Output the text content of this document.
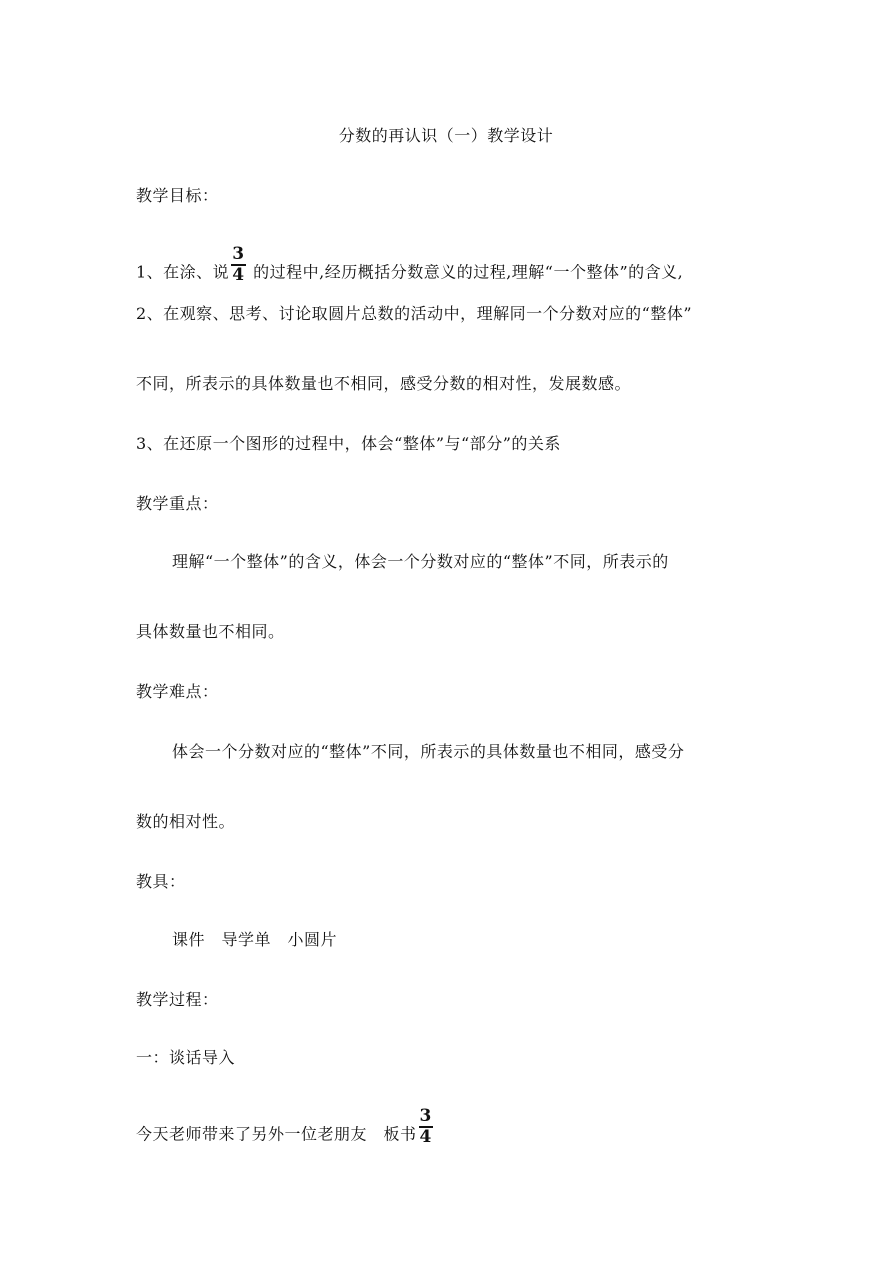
分数的再认识（一）教学设计
教学目标：
1、在涂、说 $\frac{3}{4}$ 的过程中,经历概括分数意义的过程,理解“一个整体”的含义,
2、在观察、思考、讨论取圆片总数的活动中，理解同一个分数对应的“整体”
不同，所表示的具体数量也不相同，感受分数的相对性，发展数感。
3、在还原一个图形的过程中，体会“整体”与“部分”的关系
教学重点：
理解“一个整体”的含义，体会一个分数对应的“整体”不同，所表示的
具体数量也不相同。
教学难点：
体会一个分数对应的“整体”不同，所表示的具体数量也不相同，感受分
数的相对性。
教具：
课件　导学单　小圆片
教学过程：
一：谈话导入
今天老师带来了另外一位老朋友　板书 $\frac{3}{4}$
